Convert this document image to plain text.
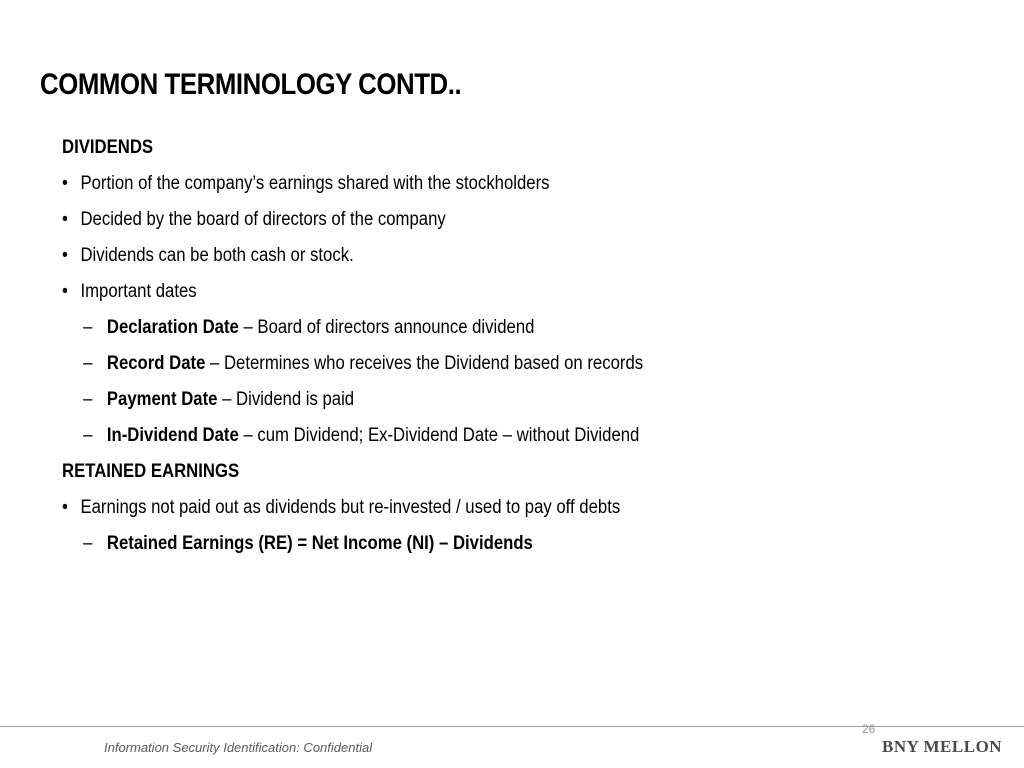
COMMON TERMINOLOGY CONTD..
DIVIDENDS
• Portion of the company’s earnings shared with the stockholders
• Decided by the board of directors of the company
• Dividends can be both cash or stock.
• Important dates
– Declaration Date – Board of directors announce dividend
– Record Date – Determines who receives the Dividend based on records
– Payment Date – Dividend is paid
– In-Dividend Date – cum Dividend; Ex-Dividend Date – without Dividend
RETAINED EARNINGS
• Earnings not paid out as dividends but re-invested / used to pay off debts
– Retained Earnings (RE) = Net Income (NI) – Dividends
26
Information Security Identification: Confidential	BNY MELLON
